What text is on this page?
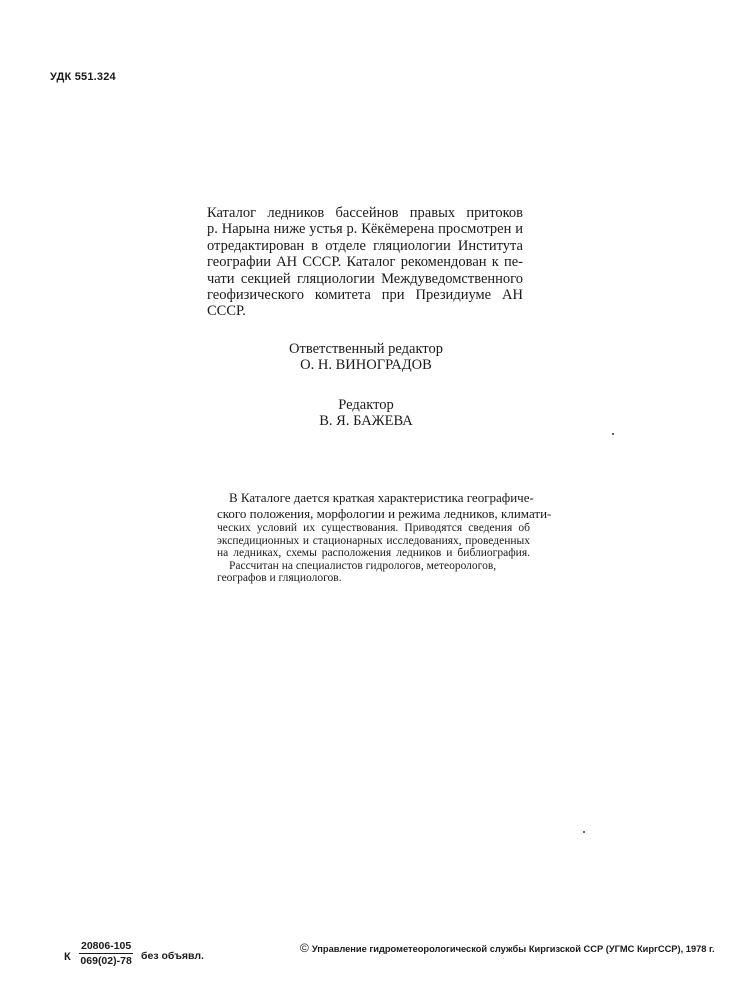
УДК 551.324
Каталог ледников бассейнов правых притоков
р. Нарына ниже устья р. Кёкёмерена просмотрен и
отредактирован в отделе гляциологии Института
географии АН СССР. Каталог рекомендован к пе-
чати секцией гляциологии Междуведомственного
геофизического комитета при Президиуме АН
СССР.
Ответственный редактор
О. Н. ВИНОГРАДОВ
Редактор
В. Я. БАЖЕВА
В Каталоге дается краткая характеристика географиче-
ского положения, морфологии и режима ледников, климати-
ческих условий их существования. Приводятся сведения об
экспедиционных и стационарных исследованиях, проведенных
на ледниках, схемы расположения ледников и библиография.
Рассчитан на специалистов гидрологов, метеорологов,
географов и гляциологов.
К $\frac{20806-105}{069(02)-78}$ без объявл.
© Управление гидрометеорологической службы Киргизской ССР (УГМС КиргССР), 1978 г.
